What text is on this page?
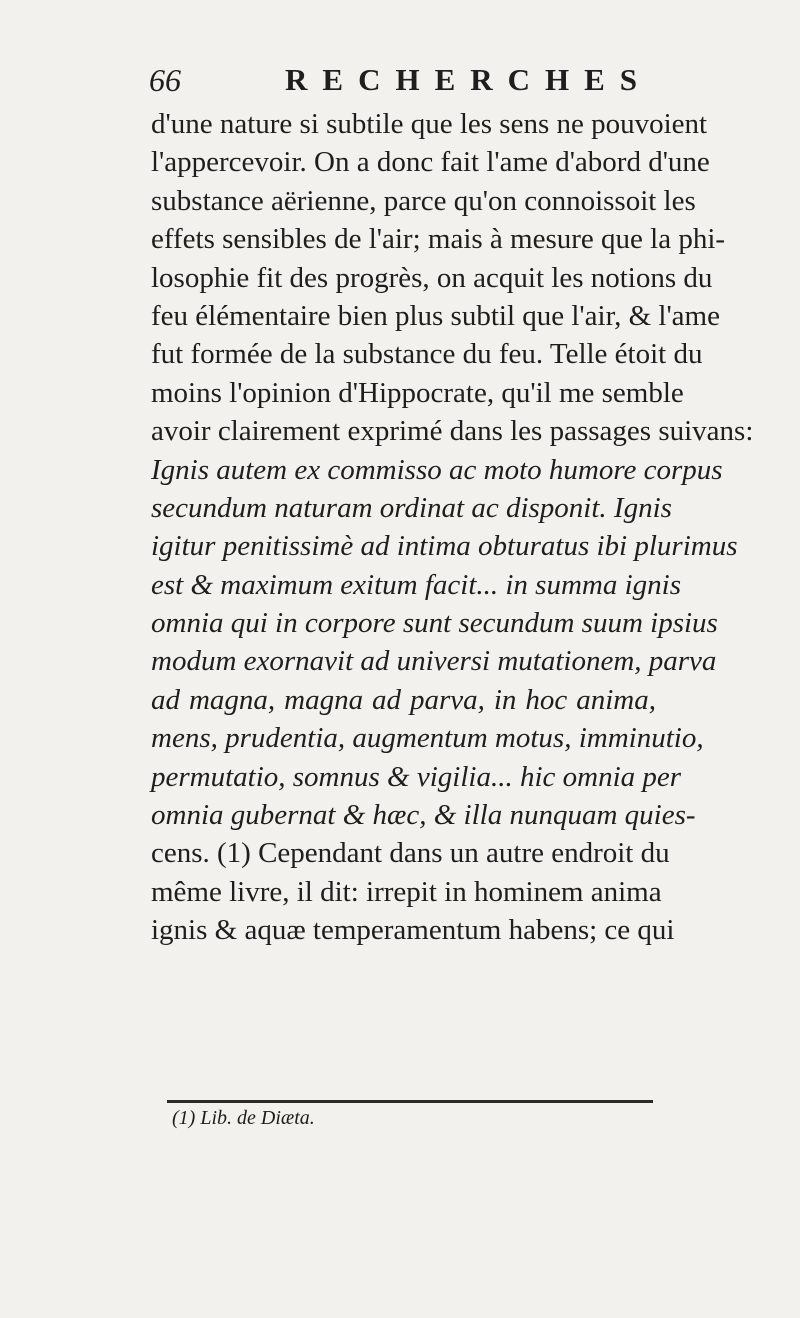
66	RECHERCHES
d'une nature si subtile que les sens ne pouvoient
l'appercevoir. On a donc fait l'ame d'abord d'une
substance aërienne, parce qu'on connoissoit les
effets sensibles de l'air; mais à mesure que la phi-
losophie fit des progrès, on acquit les notions du
feu élémentaire bien plus subtil que l'air, & l'ame
fut formée de la substance du feu. Telle étoit du
moins l'opinion d'Hippocrate, qu'il me semble
avoir clairement exprimé dans les passages suivans:
Ignis autem ex commisso ac moto humore corpus
secundum naturam ordinat ac disponit. Ignis
igitur penitissimè ad intima obturatus ibi plurimus
est & maximum exitum facit... in summa ignis
omnia qui in corpore sunt secundum suum ipsius
modum exornavit ad universi mutationem, parva
ad magna, magna ad parva, in hoc anima,
mens, prudentia, augmentum motus, imminutio,
permutatio, somnus & vigilia... hic omnia per
omnia gubernat & hæc, & illa nunquam quies-
cens. (1) Cependant dans un autre endroit du
même livre, il dit: irrepit in hominem anima
ignis & aquæ temperamentum habens; ce qui
(1) Lib. de Diæta.
